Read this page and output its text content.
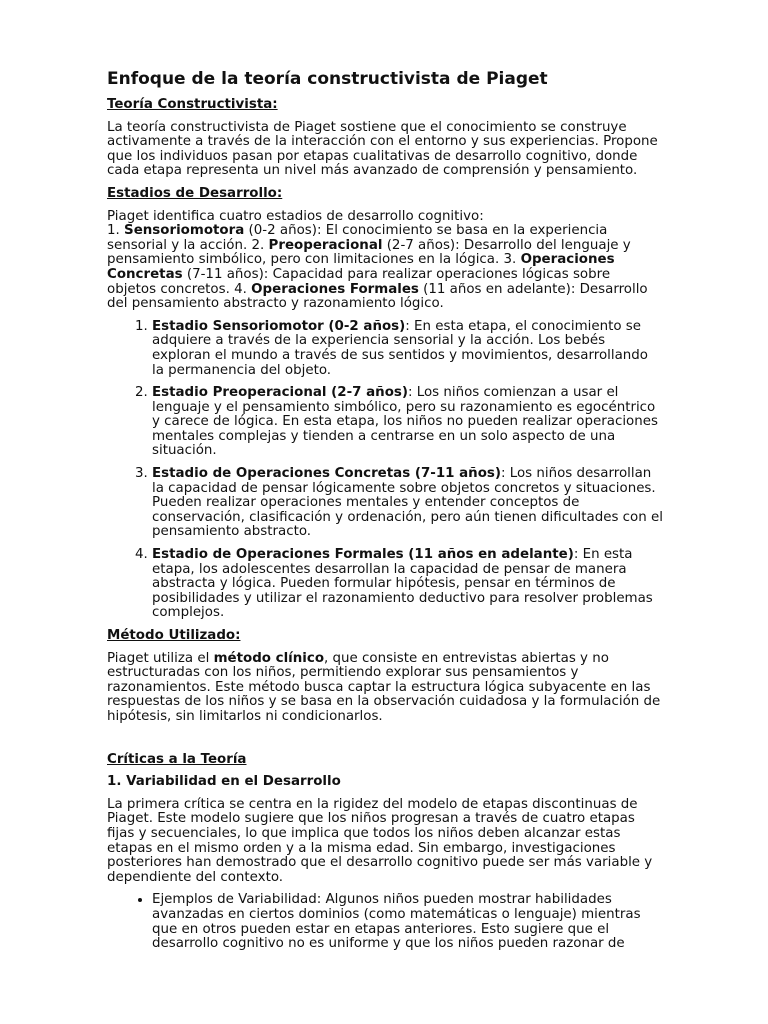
Enfoque de la teoría constructivista de Piaget
Teoría Constructivista:

La teoría constructivista de Piaget sostiene que el conocimiento se construye activamente a través de la interacción con el entorno y sus experiencias. Propone que los individuos pasan por etapas cualitativas de desarrollo cognitivo, donde cada etapa representa un nivel más avanzado de comprensión y pensamiento.

Estadios de Desarrollo:

Piaget identifica cuatro estadios de desarrollo cognitivo:
1. Sensoriomotora (0-2 años): El conocimiento se basa en la experiencia sensorial y la acción. 2. Preoperacional (2-7 años): Desarrollo del lenguaje y pensamiento simbólico, pero con limitaciones en la lógica. 3. Operaciones Concretas (7-11 años): Capacidad para realizar operaciones lógicas sobre objetos concretos. 4. Operaciones Formales (11 años en adelante): Desarrollo del pensamiento abstracto y razonamiento lógico.

1. Estadio Sensoriomotor (0-2 años): En esta etapa, el conocimiento se adquiere a través de la experiencia sensorial y la acción. Los bebés exploran el mundo a través de sus sentidos y movimientos, desarrollando la permanencia del objeto.
2. Estadio Preoperacional (2-7 años): Los niños comienzan a usar el lenguaje y el pensamiento simbólico, pero su razonamiento es egocéntrico y carece de lógica. En esta etapa, los niños no pueden realizar operaciones mentales complejas y tienden a centrarse en un solo aspecto de una situación.
3. Estadio de Operaciones Concretas (7-11 años): Los niños desarrollan la capacidad de pensar lógicamente sobre objetos concretos y situaciones. Pueden realizar operaciones mentales y entender conceptos de conservación, clasificación y ordenación, pero aún tienen dificultades con el pensamiento abstracto.
4. Estadio de Operaciones Formales (11 años en adelante): En esta etapa, los adolescentes desarrollan la capacidad de pensar de manera abstracta y lógica. Pueden formular hipótesis, pensar en términos de posibilidades y utilizar el razonamiento deductivo para resolver problemas complejos.
Método Utilizado:

Piaget utiliza el método clínico, que consiste en entrevistas abiertas y no estructuradas con los niños, permitiendo explorar sus pensamientos y razonamientos. Este método busca captar la estructura lógica subyacente en las respuestas de los niños y se basa en la observación cuidadosa y la formulación de hipótesis, sin limitarlos ni condicionarlos.

Críticas a la Teoría
1. Variabilidad en el Desarrollo

La primera crítica se centra en la rigidez del modelo de etapas discontinuas de Piaget. Este modelo sugiere que los niños progresan a través de cuatro etapas fijas y secuenciales, lo que implica que todos los niños deben alcanzar estas etapas en el mismo orden y a la misma edad. Sin embargo, investigaciones posteriores han demostrado que el desarrollo cognitivo puede ser más variable y dependiente del contexto.

• Ejemplos de Variabilidad: Algunos niños pueden mostrar habilidades avanzadas en ciertos dominios (como matemáticas o lenguaje) mientras que en otros pueden estar en etapas anteriores. Esto sugiere que el desarrollo cognitivo no es uniforme y que los niños pueden razonar de
